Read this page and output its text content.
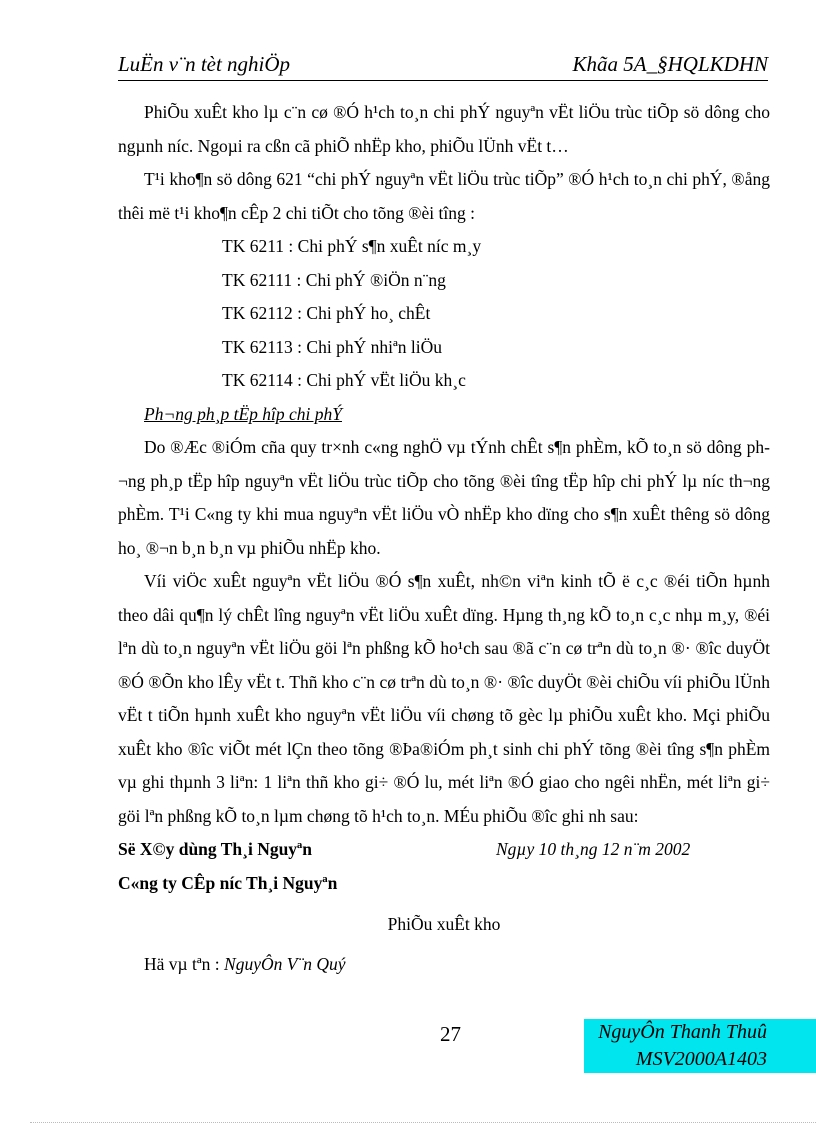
LuËn v¨n tèt nghiÖp	Khãa 5A_§HQLKDHN

PhiÕu xuÊt kho lµ c¨n cø ®Ó h¹ch to¸n chi phÝ nguyªn vËt liÖu trùc tiÕp sö dông cho ngµnh níc. Ngoµi ra cßn cã phiÕ nhËp kho, phiÕu lÜnh vËt t…

T¹i kho¶n sö dông 621 “chi phÝ nguyªn vËt liÖu trùc tiÕp” ®Ó h¹ch to¸n chi phÝ, ®ång thêi më t¹i kho¶n cÊp 2 chi tiÕt cho tõng ®èi tîng :

TK 6211 : Chi phÝ s¶n xuÊt níc m¸y
TK 62111 : Chi phÝ ®iÖn n¨ng
TK 62112 : Chi phÝ ho¸ chÊt
TK 62113 : Chi phÝ nhiªn liÖu
TK 62114 : Chi phÝ vËt liÖu kh¸c

Ph¬ng ph¸p tËp hîp chi phÝ

Do ®Æc ®iÓm cña quy tr×nh c«ng nghÖ vµ tÝnh chÊt s¶n phÈm, kÕ to¸n sö dông ph¬ng ph¸p tËp hîp nguyªn vËt liÖu trùc tiÕp cho tõng ®èi tîng tËp hîp chi phÝ lµ níc th¬ng phÈm. T¹i C«ng ty khi mua nguyªn vËt liÖu vÒ nhËp kho dïng cho s¶n xuÊt thêng sö dông ho¸ ®¬n b¸n b¸n vµ phiÕu nhËp kho.

Víi viÖc xuÊt nguyªn vËt liÖu ®Ó s¶n xuÊt, nh©n viªn kinh tÕ ë c¸c ®éi tiÕn hµnh theo dâi qu¶n lý chÊt lîng nguyªn vËt liÖu xuÊt dïng. Hµng th¸ng kÕ to¸n c¸c nhµ m¸y, ®éi lªn dù to¸n nguyªn vËt liÖu göi lªn phßng kÕ ho¹ch sau ®ã c¨n cø trªn dù to¸n ®· ®îc duyÖt ®Ó ®Õn kho lÊy vËt t. Thñ kho c¨n cø trªn dù to¸n ®· ®îc duyÖt ®èi chiÕu víi phiÕu lÜnh vËt t tiÕn hµnh xuÊt kho nguyªn vËt liÖu víi chøng tõ gèc lµ phiÕu xuÊt kho. Mçi phiÕu xuÊt kho ®îc viÕt mét lÇn theo tõng ®Þa®iÓm ph¸t sinh chi phÝ tõng ®èi tîng s¶n phÈm vµ ghi thµnh 3 liªn: 1 liªn thñ kho gi÷ ®Ó lu, mét liªn ®Ó giao cho ngêi nhËn, mét liªn gi÷ göi lªn phßng kÕ to¸n lµm chøng tõ h¹ch to¸n. MÉu phiÕu ®îc ghi nh sau:

Së X©y dùng Th¸i Nguyªn	Ngµy 10 th¸ng 12 n¨m 2002
C«ng ty CÊp níc Th¸i Nguyªn
PhiÕu xuÊt kho
Hä vµ tªn : NguyÔn V¨n Quý
27	NguyÔn Thanh Thuû
MSV2000A1403
